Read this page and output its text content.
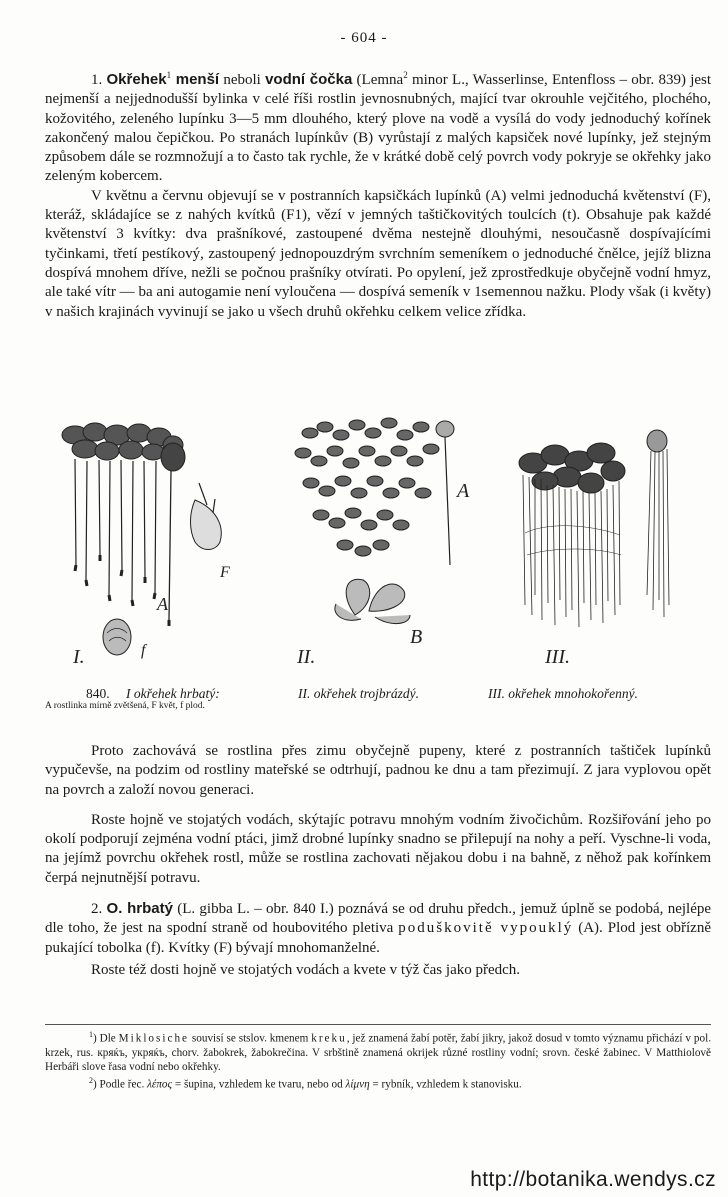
- 604 -

1. Okřehek$^1$ menší neboli vodní čočka (Lemna$^2$ minor L., Wasserlinse, Entenfloss – obr. 839) jest nejmenší a nejjednodušší bylinka v celé říši rostlin jevnosnubných, mající tvar okrouhle vejčitého, plochého, kožovitého, zeleného lupínku 3—5 mm dlouhého, který plove na vodě a vysílá do vody jednoduchý kořínek zakončený malou čepičkou. Po stranách lupínkův (B) vyrůstají z malých kapsiček nové lupínky, jež stejným způsobem dále se rozmnožují a to často tak rychle, že v krátké době celý povrch vody pokryje se okřehky jako zeleným kobercem.

V květnu a červnu objevují se v postranních kapsičkách lupínků (A) velmi jednoduchá květenství (F), kteráž, skládajíce se z nahých kvítků (F1), vězí v jemných taštičkovitých toulcích (t). Obsahuje pak každé květenství 3 kvítky: dva prašníkové, zastoupené dvěma nestejně dlouhými, nesoučasně dospívajícími tyčinkami, třetí pestíkový, zastoupený jednopouzdrým svrchním semeníkem o jednoduché čnělce, jejíž blizna dospívá mnohem dříve, nežli se počnou prašníky otvírati. Po opylení, jež zprostředkuje obyčejně vodní hmyz, ale také vítr — ba ani autogamie není vyloučena — dospívá semeník v 1semennou nažku. Plody však (i květy) v našich krajinách vyvinují se jako u všech druhů okřehku celkem velice zřídka.

I.	f
A
F
A
B
II.	III.
840. I okřehek hrbatý:	II. okřehek trojbrázdý.	III. okřehek mnohokořenný.
A rostlinka mírně zvětšená, F květ, f plod.

Proto zachovává se rostlina přes zimu obyčejně pupeny, které z postranních taštiček lupínků vypučevše, na podzim od rostliny mateřské se odtrhují, padnou ke dnu a tam přezimují. Z jara vyplovou opět na povrch a založí novou generaci.

Roste hojně ve stojatých vodách, skýtajíc potravu mnohým vodním živočichům. Rozšiřování jeho po okolí podporují zejména vodní ptáci, jimž drobné lupínky snadno se přilepují na nohy a peří. Vyschne-li voda, na jejímž povrchu okřehek rostl, může se rostlina zachovati nějakou dobu i na bahně, z něhož pak kořínkem čerpá nejnutnější potravu.

2. O. hrbatý (L. gibba L. – obr. 840 I.) poznává se od druhu předch., jemuž úplně se podobá, nejlépe dle toho, že jest na spodní straně od houbovitého pletiva poduškovitě vypouklý (A). Plod jest obřízně pukající tobolka (f). Kvítky (F) bývají mnohomanželné.

Roste též dosti hojně ve stojatých vodách a kvete v týž čas jako předch.

$^1$) Dle Miklosiche souvisí se stslov. kmenem kreku, jež znamená žabí potěr, žabí jikry, jakož dosud v tomto významu přichází v pol. krzek, rus. кряќъ, укряќъ, chorv. žabokrek, žabokrečina. V srbštině znamená okrijek různé rostliny vodní; srovn. české žabinec. V Matthiolově Herbáři slove řasa vodní nebo okřehky.

$^2$) Podle řec. λέπος = šupina, vzhledem ke tvaru, nebo od λίμνη = rybník, vzhledem k stanovisku.

http://botanika.wendys.cz
